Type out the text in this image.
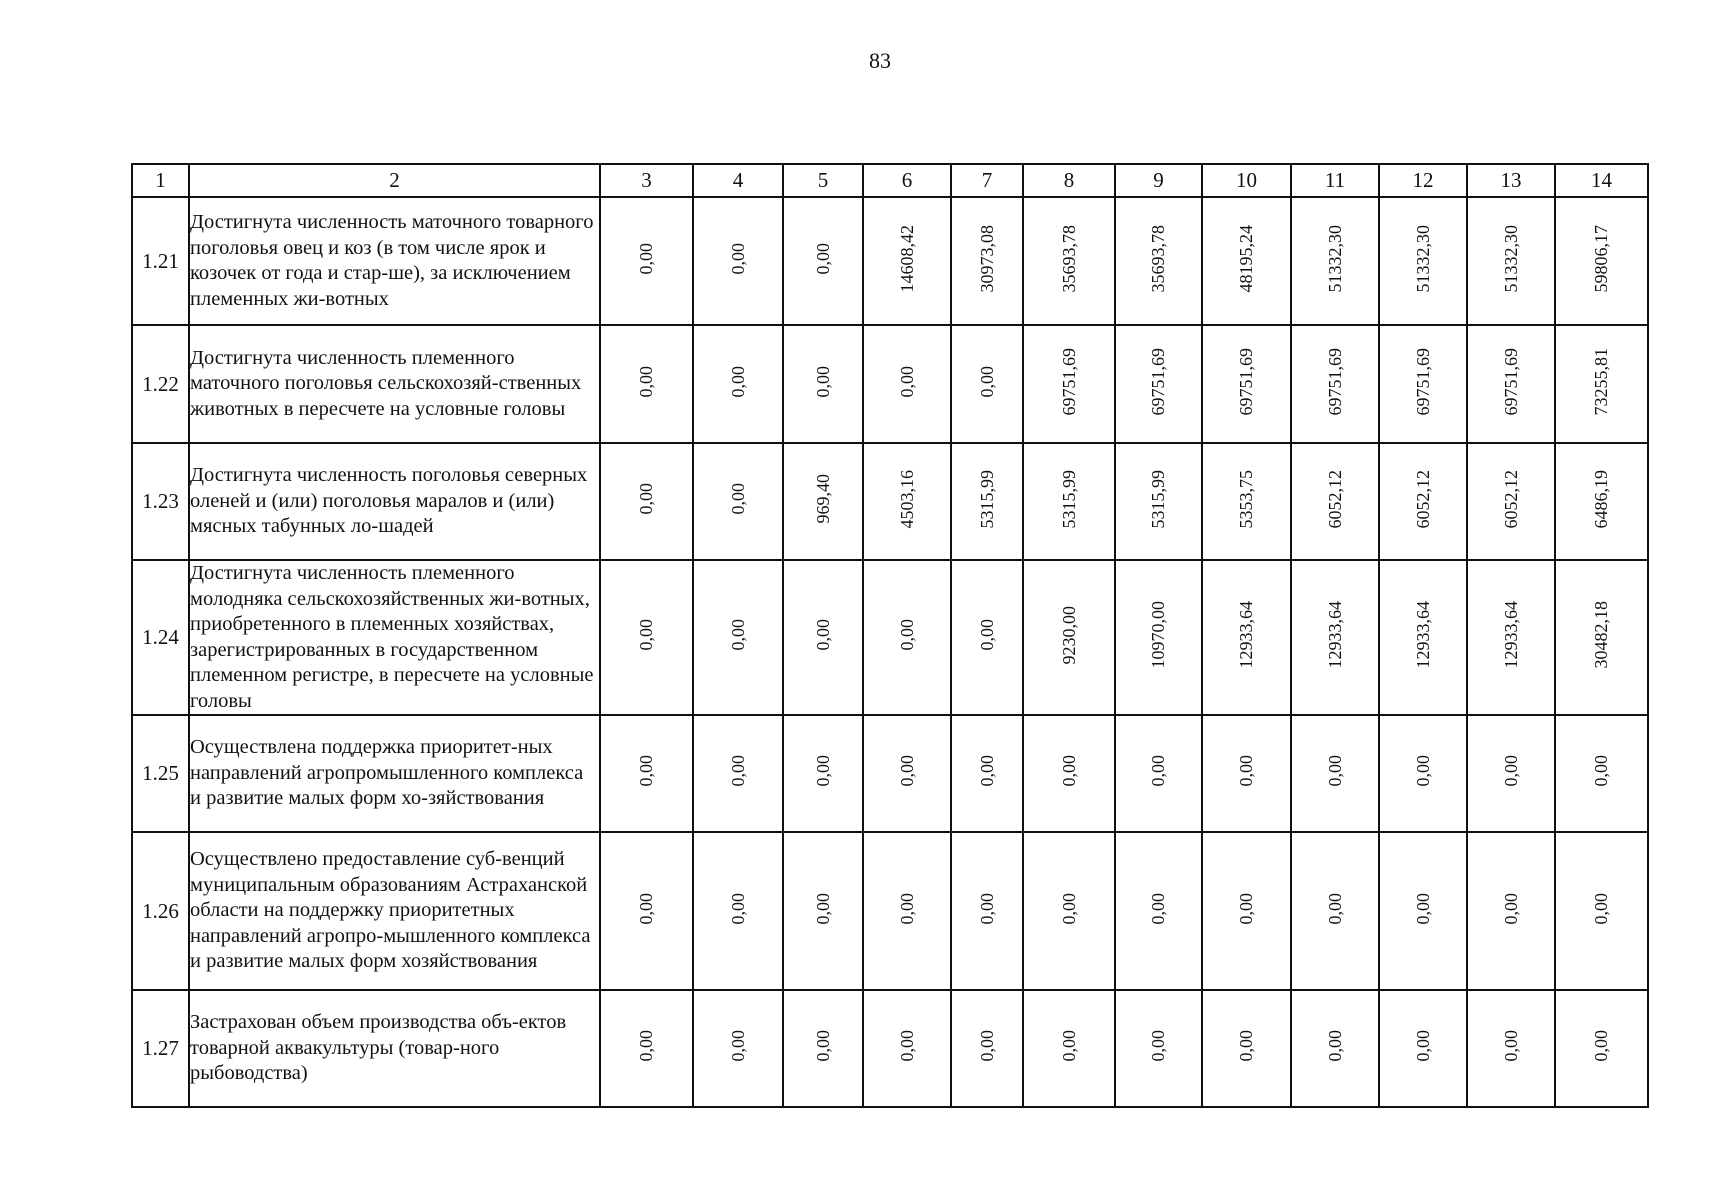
83
1	2	3	4	5	6	7	8	9	10	11	12	13	14
1.21	Достигнута численность маточного товарного поголовья овец и коз (в том числе ярок и козочек от года и стар-ше), за исключением племенных жи-вотных	0,00	0,00	0,00	14608,42	30973,08	35693,78	35693,78	48195,24	51332,30	51332,30	51332,30	59806,17
1.22	Достигнута численность племенного маточного поголовья сельскохозяй-ственных животных в пересчете на условные головы	0,00	0,00	0,00	0,00	0,00	69751,69	69751,69	69751,69	69751,69	69751,69	69751,69	73255,81
1.23	Достигнута численность поголовья северных оленей и (или) поголовья маралов и (или) мясных табунных ло-шадей	0,00	0,00	969,40	4503,16	5315,99	5315,99	5315,99	5353,75	6052,12	6052,12	6052,12	6486,19
1.24	Достигнута численность племенного молодняка сельскохозяйственных жи-вотных, приобретенного в племенных хозяйствах, зарегистрированных в государственном племенном регистре, в пересчете на условные головы	0,00	0,00	0,00	0,00	0,00	9230,00	10970,00	12933,64	12933,64	12933,64	12933,64	30482,18
1.25	Осуществлена поддержка приоритет-ных направлений агропромышленного комплекса и развитие малых форм хо-зяйствования	0,00	0,00	0,00	0,00	0,00	0,00	0,00	0,00	0,00	0,00	0,00	0,00
1.26	Осуществлено предоставление суб-венций муниципальным образованиям Астраханской области на поддержку приоритетных направлений агропро-мышленного комплекса и развитие малых форм хозяйствования	0,00	0,00	0,00	0,00	0,00	0,00	0,00	0,00	0,00	0,00	0,00	0,00
1.27	Застрахован объем производства объ-ектов товарной аквакультуры (товар-ного рыбоводства)	0,00	0,00	0,00	0,00	0,00	0,00	0,00	0,00	0,00	0,00	0,00	0,00
